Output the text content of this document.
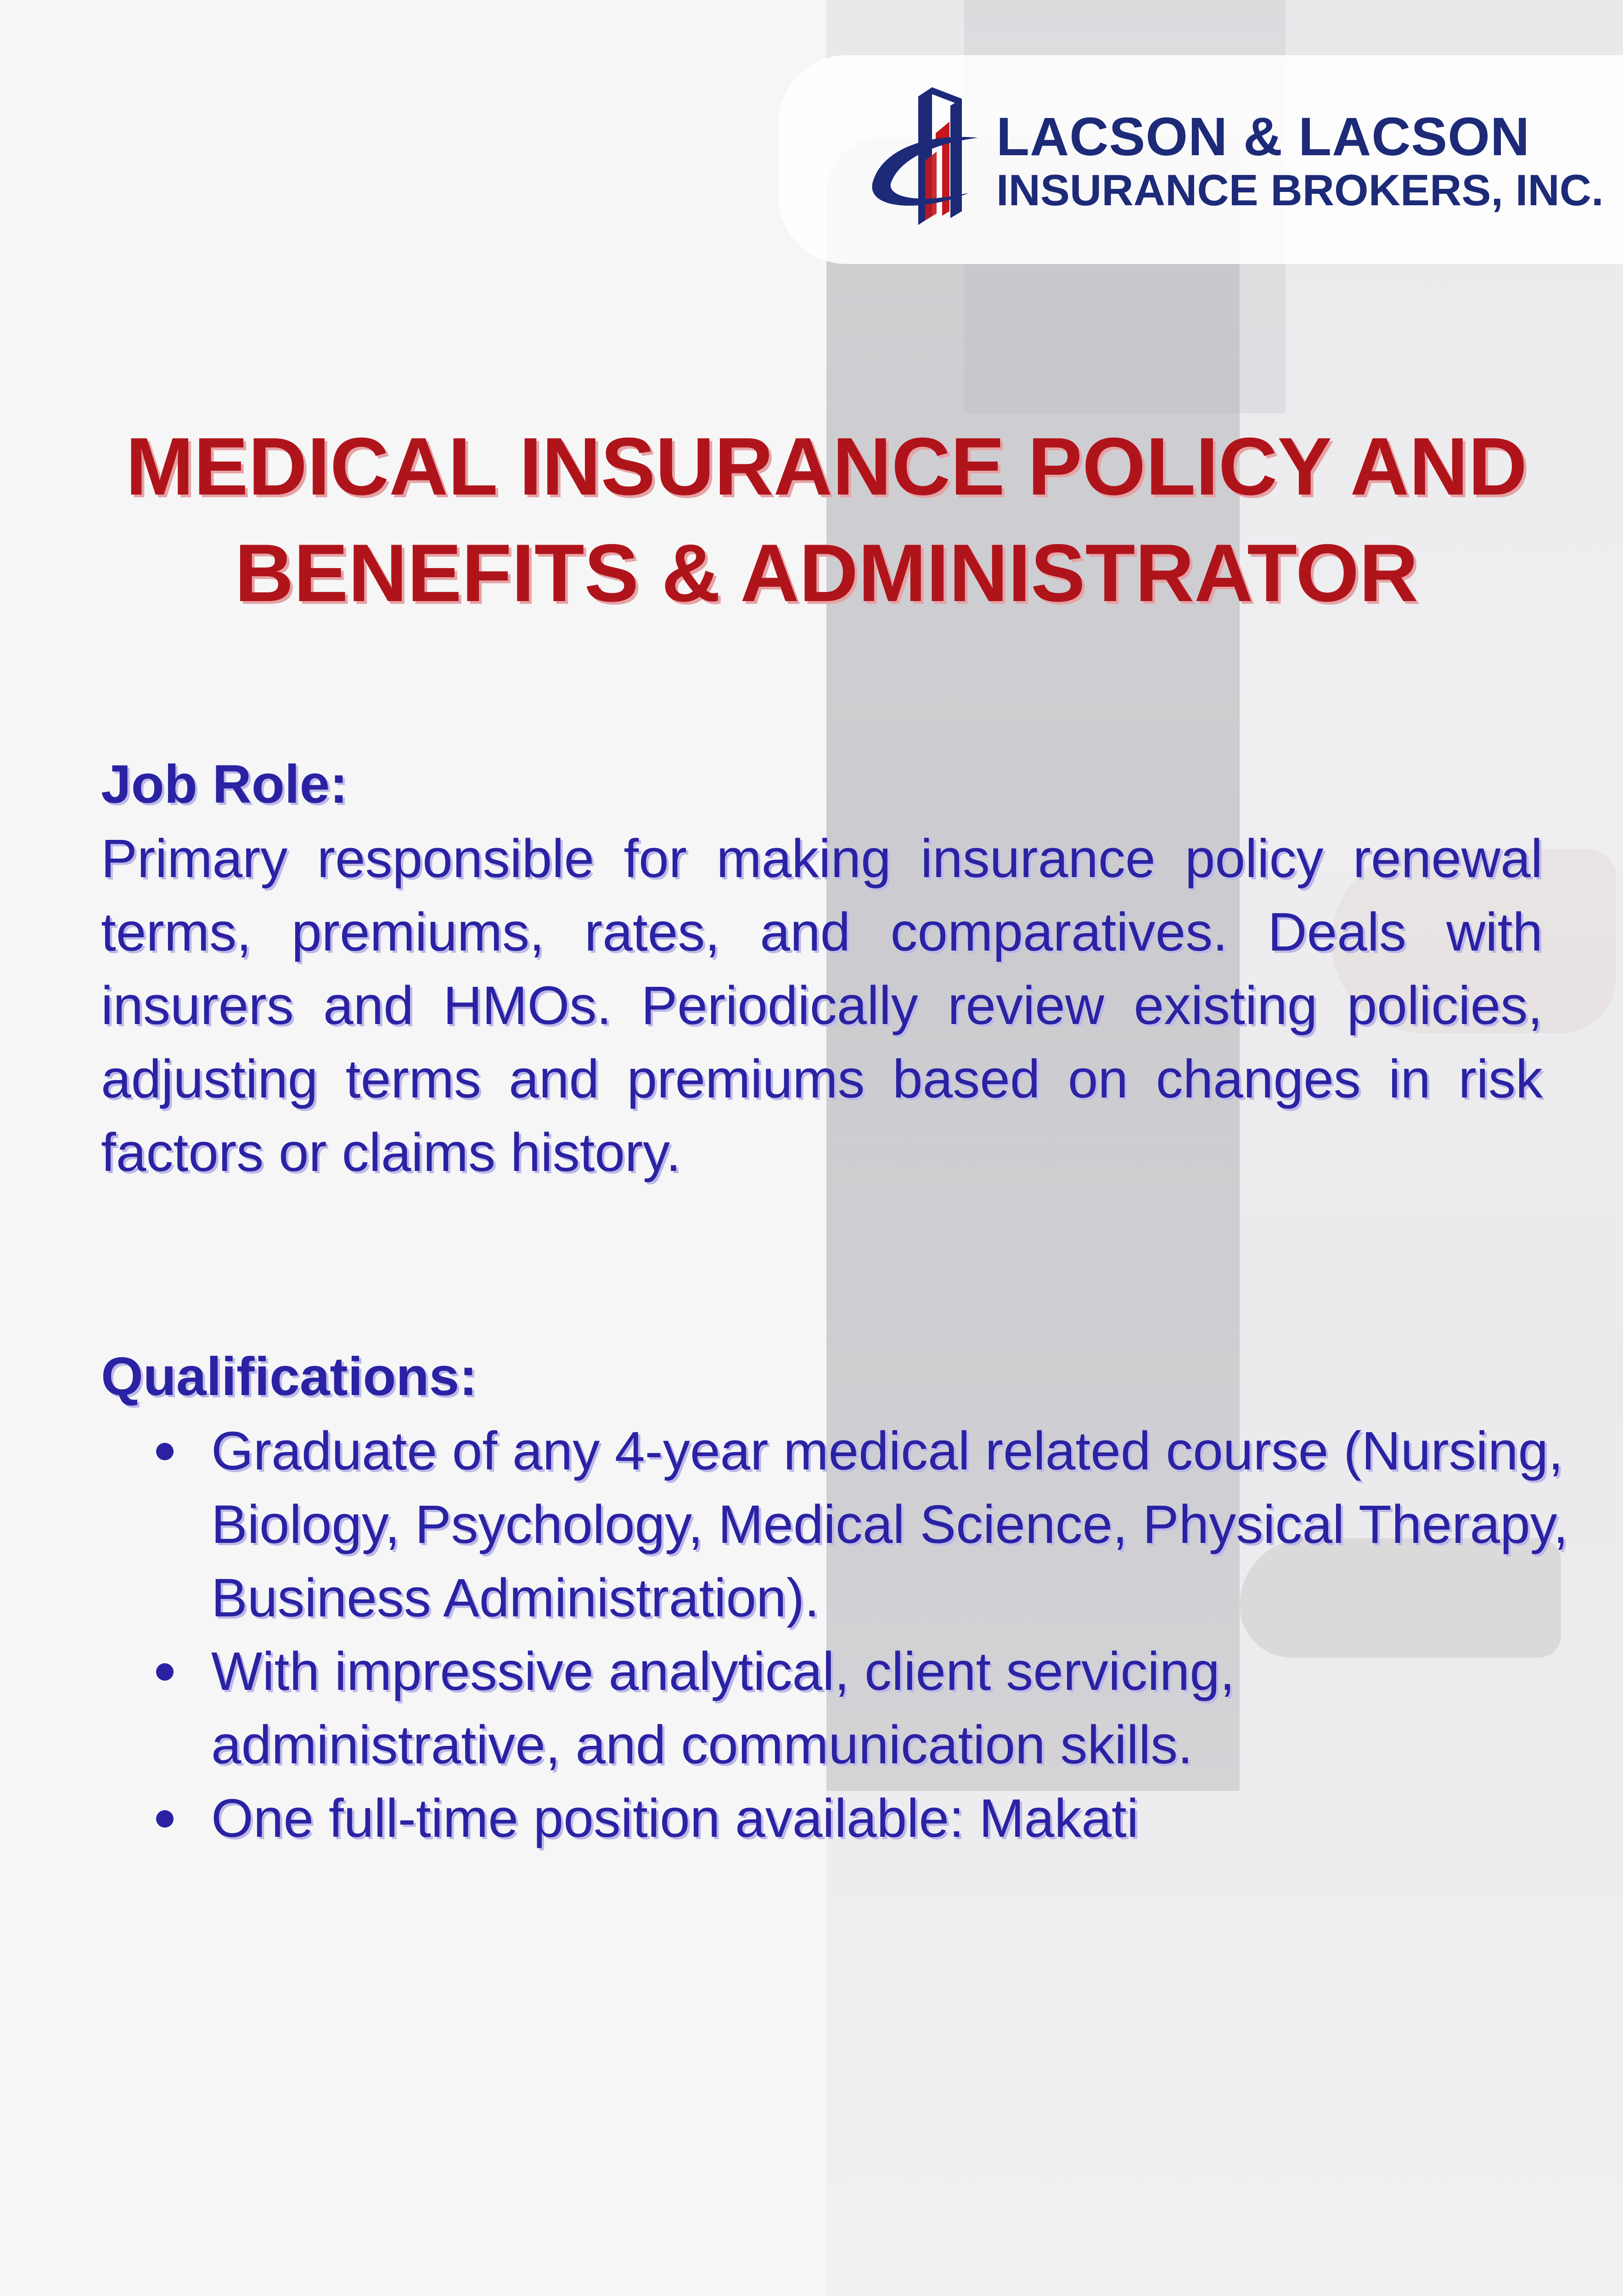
LACSON & LACSON
INSURANCE BROKERS, INC.
MEDICAL INSURANCE POLICY AND BENEFITS & ADMINISTRATOR
Job Role:
Primary responsible for making insurance policy renewal terms, premiums, rates, and comparatives. Deals with insurers and HMOs. Periodically review existing policies, adjusting terms and premiums based on changes in risk factors or claims history.
Qualifications:
Graduate of any 4-year medical related course (Nursing, Biology, Psychology, Medical Science, Physical Therapy, Business Administration).
With impressive analytical, client servicing, administrative, and communication skills.
One full-time position available: Makati
